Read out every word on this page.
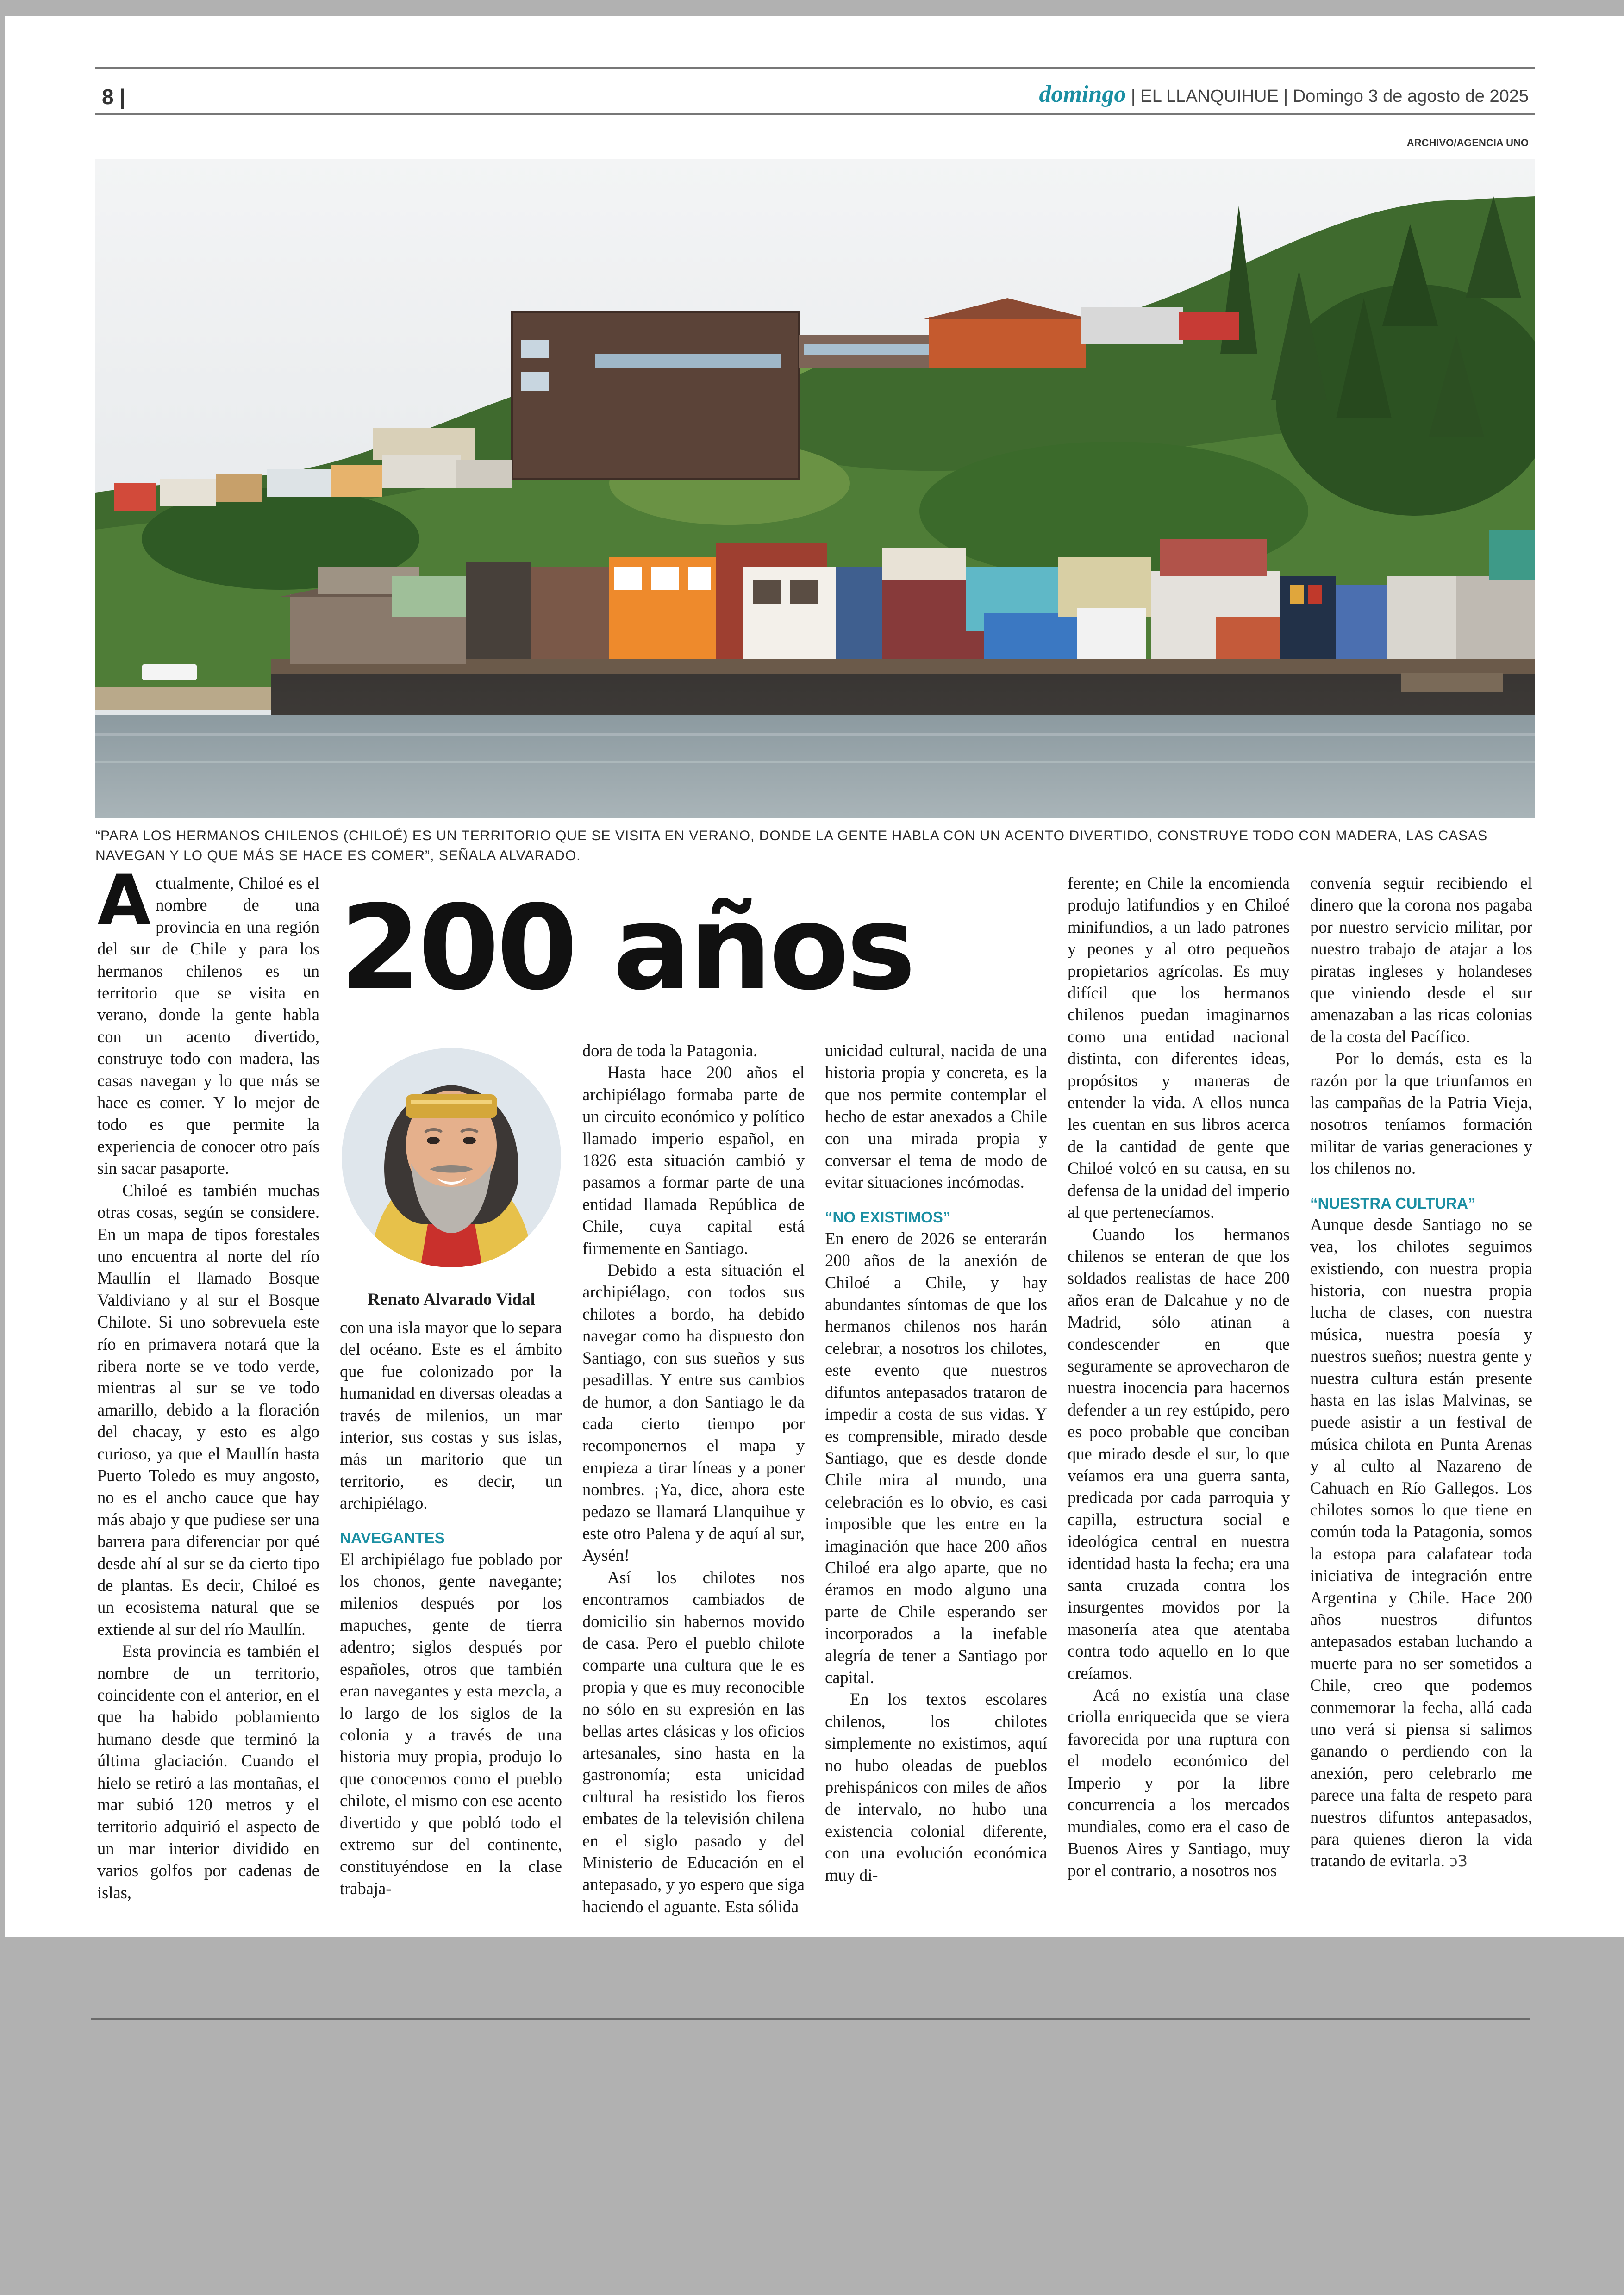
8 |	domingo | EL LLANQUIHUE | Domingo 3 de agosto de 2025
ARCHIVO/AGENCIA UNO
“PARA LOS HERMANOS CHILENOS (CHILOÉ) ES UN TERRITORIO QUE SE VISITA EN VERANO, DONDE LA GENTE HABLA CON UN ACENTO DIVERTIDO, CONSTRUYE TODO CON MADERA, LAS CASAS NAVEGAN Y LO QUE MÁS SE HACE ES COMER”, SEÑALA ALVARADO.
200 años
Renato Alvarado Vidal

Actualmente, Chiloé es el nombre de una provincia en una región del sur de Chile y para los hermanos chilenos es un territorio que se visita en verano, donde la gente habla con un acento divertido, construye todo con madera, las casas navegan y lo que más se hace es comer. Y lo mejor de todo es que permite la experiencia de conocer otro país sin sacar pasaporte.

Chiloé es también muchas otras cosas, según se considere. En un mapa de tipos forestales uno encuentra al norte del río Maullín el llamado Bosque Valdiviano y al sur el Bosque Chilote. Si uno sobrevuela este río en primavera notará que la ribera norte se ve todo verde, mientras al sur se ve todo amarillo, debido a la floración del chacay, y esto es algo curioso, ya que el Maullín hasta Puerto Toledo es muy angosto, no es el ancho cauce que hay más abajo y que pudiese ser una barrera para diferenciar por qué desde ahí al sur se da cierto tipo de plantas. Es decir, Chiloé es un ecosistema natural que se extiende al sur del río Maullín.

Esta provincia es también el nombre de un territorio, coincidente con el anterior, en el que ha habido poblamiento humano desde que terminó la última glaciación. Cuando el hielo se retiró a las montañas, el mar subió 120 metros y el territorio adquirió el aspecto de un mar interior dividido en varios golfos por cadenas de islas,

con una isla mayor que lo separa del océano. Este es el ámbito que fue colonizado por la humanidad en diversas oleadas a través de milenios, un mar interior, sus costas y sus islas, más un maritorio que un territorio, es decir, un archipiélago.

NAVEGANTES

El archipiélago fue poblado por los chonos, gente navegante; milenios después por los mapuches, gente de tierra adentro; siglos después por españoles, otros que también eran navegantes y esta mezcla, a lo largo de los siglos de la colonia y a través de una historia muy propia, produjo lo que conocemos como el pueblo chilote, el mismo con ese acento divertido y que pobló todo el extremo sur del continente, constituyéndose en la clase trabaja-

dora de toda la Patagonia.

Hasta hace 200 años el archipiélago formaba parte de un circuito económico y político llamado imperio español, en 1826 esta situación cambió y pasamos a formar parte de una entidad llamada República de Chile, cuya capital está firmemente en Santiago.

Debido a esta situación el archipiélago, con todos sus chilotes a bordo, ha debido navegar como ha dispuesto don Santiago, con sus sueños y sus pesadillas. Y entre sus cambios de humor, a don Santiago le da cada cierto tiempo por recomponernos el mapa y empieza a tirar líneas y a poner nombres. ¡Ya, dice, ahora este pedazo se llamará Llanquihue y este otro Palena y de aquí al sur, Aysén!

Así los chilotes nos encontramos cambiados de domicilio sin habernos movido de casa. Pero el pueblo chilote comparte una cultura que le es propia y que es muy reconocible no sólo en su expresión en las bellas artes clásicas y los oficios artesanales, sino hasta en la gastronomía; esta unicidad cultural ha resistido los fieros embates de la televisión chilena en el siglo pasado y del Ministerio de Educación en el antepasado, y yo espero que siga haciendo el aguante. Esta sólida

unicidad cultural, nacida de una historia propia y concreta, es la que nos permite contemplar el hecho de estar anexados a Chile con una mirada propia y conversar el tema de modo de evitar situaciones incómodas.

“NO EXISTIMOS”

En enero de 2026 se enterarán 200 años de la anexión de Chiloé a Chile, y hay abundantes síntomas de que los hermanos chilenos nos harán celebrar, a nosotros los chilotes, este evento que nuestros difuntos antepasados trataron de impedir a costa de sus vidas. Y es comprensible, mirado desde Santiago, que es desde donde Chile mira al mundo, una celebración es lo obvio, es casi imposible que les entre en la imaginación que hace 200 años Chiloé era algo aparte, que no éramos en modo alguno una parte de Chile esperando ser incorporados a la inefable alegría de tener a Santiago por capital.

En los textos escolares chilenos, los chilotes simplemente no existimos, aquí no hubo oleadas de pueblos prehispánicos con miles de años de intervalo, no hubo una existencia colonial diferente, con una evolución económica muy di-

ferente; en Chile la encomienda produjo latifundios y en Chiloé minifundios, a un lado patrones y peones y al otro pequeños propietarios agrícolas. Es muy difícil que los hermanos chilenos puedan imaginarnos como una entidad nacional distinta, con diferentes ideas, propósitos y maneras de entender la vida. A ellos nunca les cuentan en sus libros acerca de la cantidad de gente que Chiloé volcó en su causa, en su defensa de la unidad del imperio al que pertenecíamos.

Cuando los hermanos chilenos se enteran de que los soldados realistas de hace 200 años eran de Dalcahue y no de Madrid, sólo atinan a condescender en que seguramente se aprovecharon de nuestra inocencia para hacernos defender a un rey estúpido, pero es poco probable que conciban que mirado desde el sur, lo que veíamos era una guerra santa, predicada por cada parroquia y capilla, estructura social e ideológica central en nuestra identidad hasta la fecha; era una santa cruzada contra los insurgentes movidos por la masonería atea que atentaba contra todo aquello en lo que creíamos.

Acá no existía una clase criolla enriquecida que se viera favorecida por una ruptura con el modelo económico del Imperio y por la libre concurrencia a los mercados mundiales, como era el caso de Buenos Aires y Santiago, muy por el contrario, a nosotros nos

convenía seguir recibiendo el dinero que la corona nos pagaba por nuestro servicio militar, por nuestro trabajo de atajar a los piratas ingleses y holandeses que viniendo desde el sur amenazaban a las ricas colonias de la costa del Pacífico.

Por lo demás, esta es la razón por la que triunfamos en las campañas de la Patria Vieja, nosotros teníamos formación militar de varias generaciones y los chilenos no.

“NUESTRA CULTURA”

Aunque desde Santiago no se vea, los chilotes seguimos existiendo, con nuestra propia historia, con nuestra propia lucha de clases, con nuestra música, nuestra poesía y nuestros sueños; nuestra gente y nuestra cultura están presente hasta en las islas Malvinas, se puede asistir a un festival de música chilota en Punta Arenas y al culto al Nazareno de Cahuach en Río Gallegos. Los chilotes somos lo que tiene en común toda la Patagonia, somos la estopa para calafatear toda iniciativa de integración entre Argentina y Chile. Hace 200 años nuestros difuntos antepasados estaban luchando a muerte para no ser sometidos a Chile, creo que podemos conmemorar la fecha, allá cada uno verá si piensa si salimos ganando o perdiendo con la anexión, pero celebrarlo me parece una falta de respeto para nuestros difuntos antepasados, para quienes dieron la vida tratando de evitarla. ↄ3
